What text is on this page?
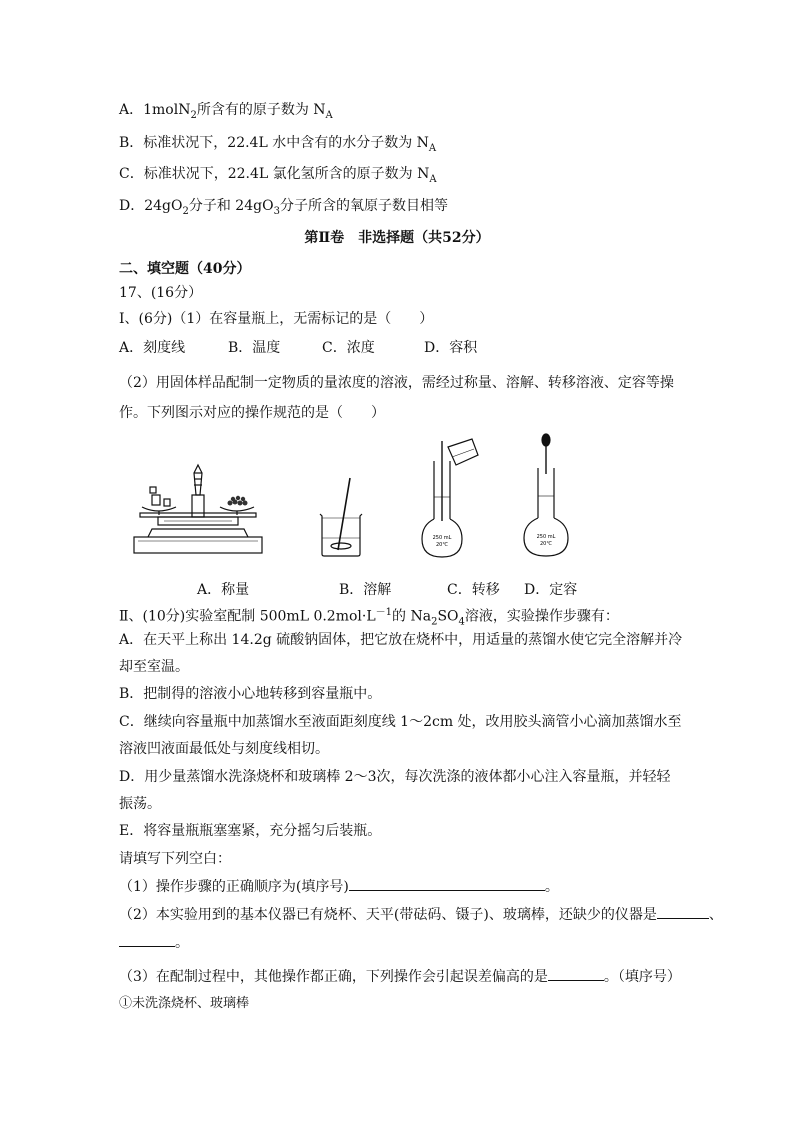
A．1molN$_2$所含有的原子数为 $N_A$
B．标准状况下，22.4L 水中含有的水分子数为 $N_A$
C．标准状况下，22.4L 氯化氢所含的原子数为 $N_A$
D．$24gO_2$分子和 $24gO_3$分子所含的氧原子数目相等
第Ⅱ卷　非选择题（共52分）
二、填空题（40分）
17、(16分）
Ⅰ、(6分)（1）在容量瓶上，无需标记的是（　　）
A．刻度线	B．温度	C．浓度	D．容积
（2）用固体样品配制一定物质的量浓度的溶液，需经过称量、溶解、转移溶液、定容等操
作。下列图示对应的操作规范的是（　　）
250 mL
20℃
250 mL
20℃
A．称量	B．溶解	C．转移 D．定容
Ⅱ、(10分)实验室配制 500mL $0.2mol\cdot L^{-1}$的 $Na_2SO_4$溶液，实验操作步骤有：
A．在天平上称出 14.2g 硫酸钠固体，把它放在烧杯中，用适量的蒸馏水使它完全溶解并冷
却至室温。
B．把制得的溶液小心地转移到容量瓶中。
C．继续向容量瓶中加蒸馏水至液面距刻度线 1～2cm 处，改用胶头滴管小心滴加蒸馏水至
溶液凹液面最低处与刻度线相切。
D．用少量蒸馏水洗涤烧杯和玻璃棒 2～3次，每次洗涤的液体都小心注入容量瓶，并轻轻
振荡。
E．将容量瓶瓶塞塞紧，充分摇匀后装瓶。
请填写下列空白：
（1）操作步骤的正确顺序为(填序号)	。
（2）本实验用到的基本仪器已有烧杯、天平(带砝码、镊子)、玻璃棒，还缺少的仪器是	、
。
（3）在配制过程中，其他操作都正确，下列操作会引起误差偏高的是	。（填序号）
①未洗涤烧杯、玻璃棒
